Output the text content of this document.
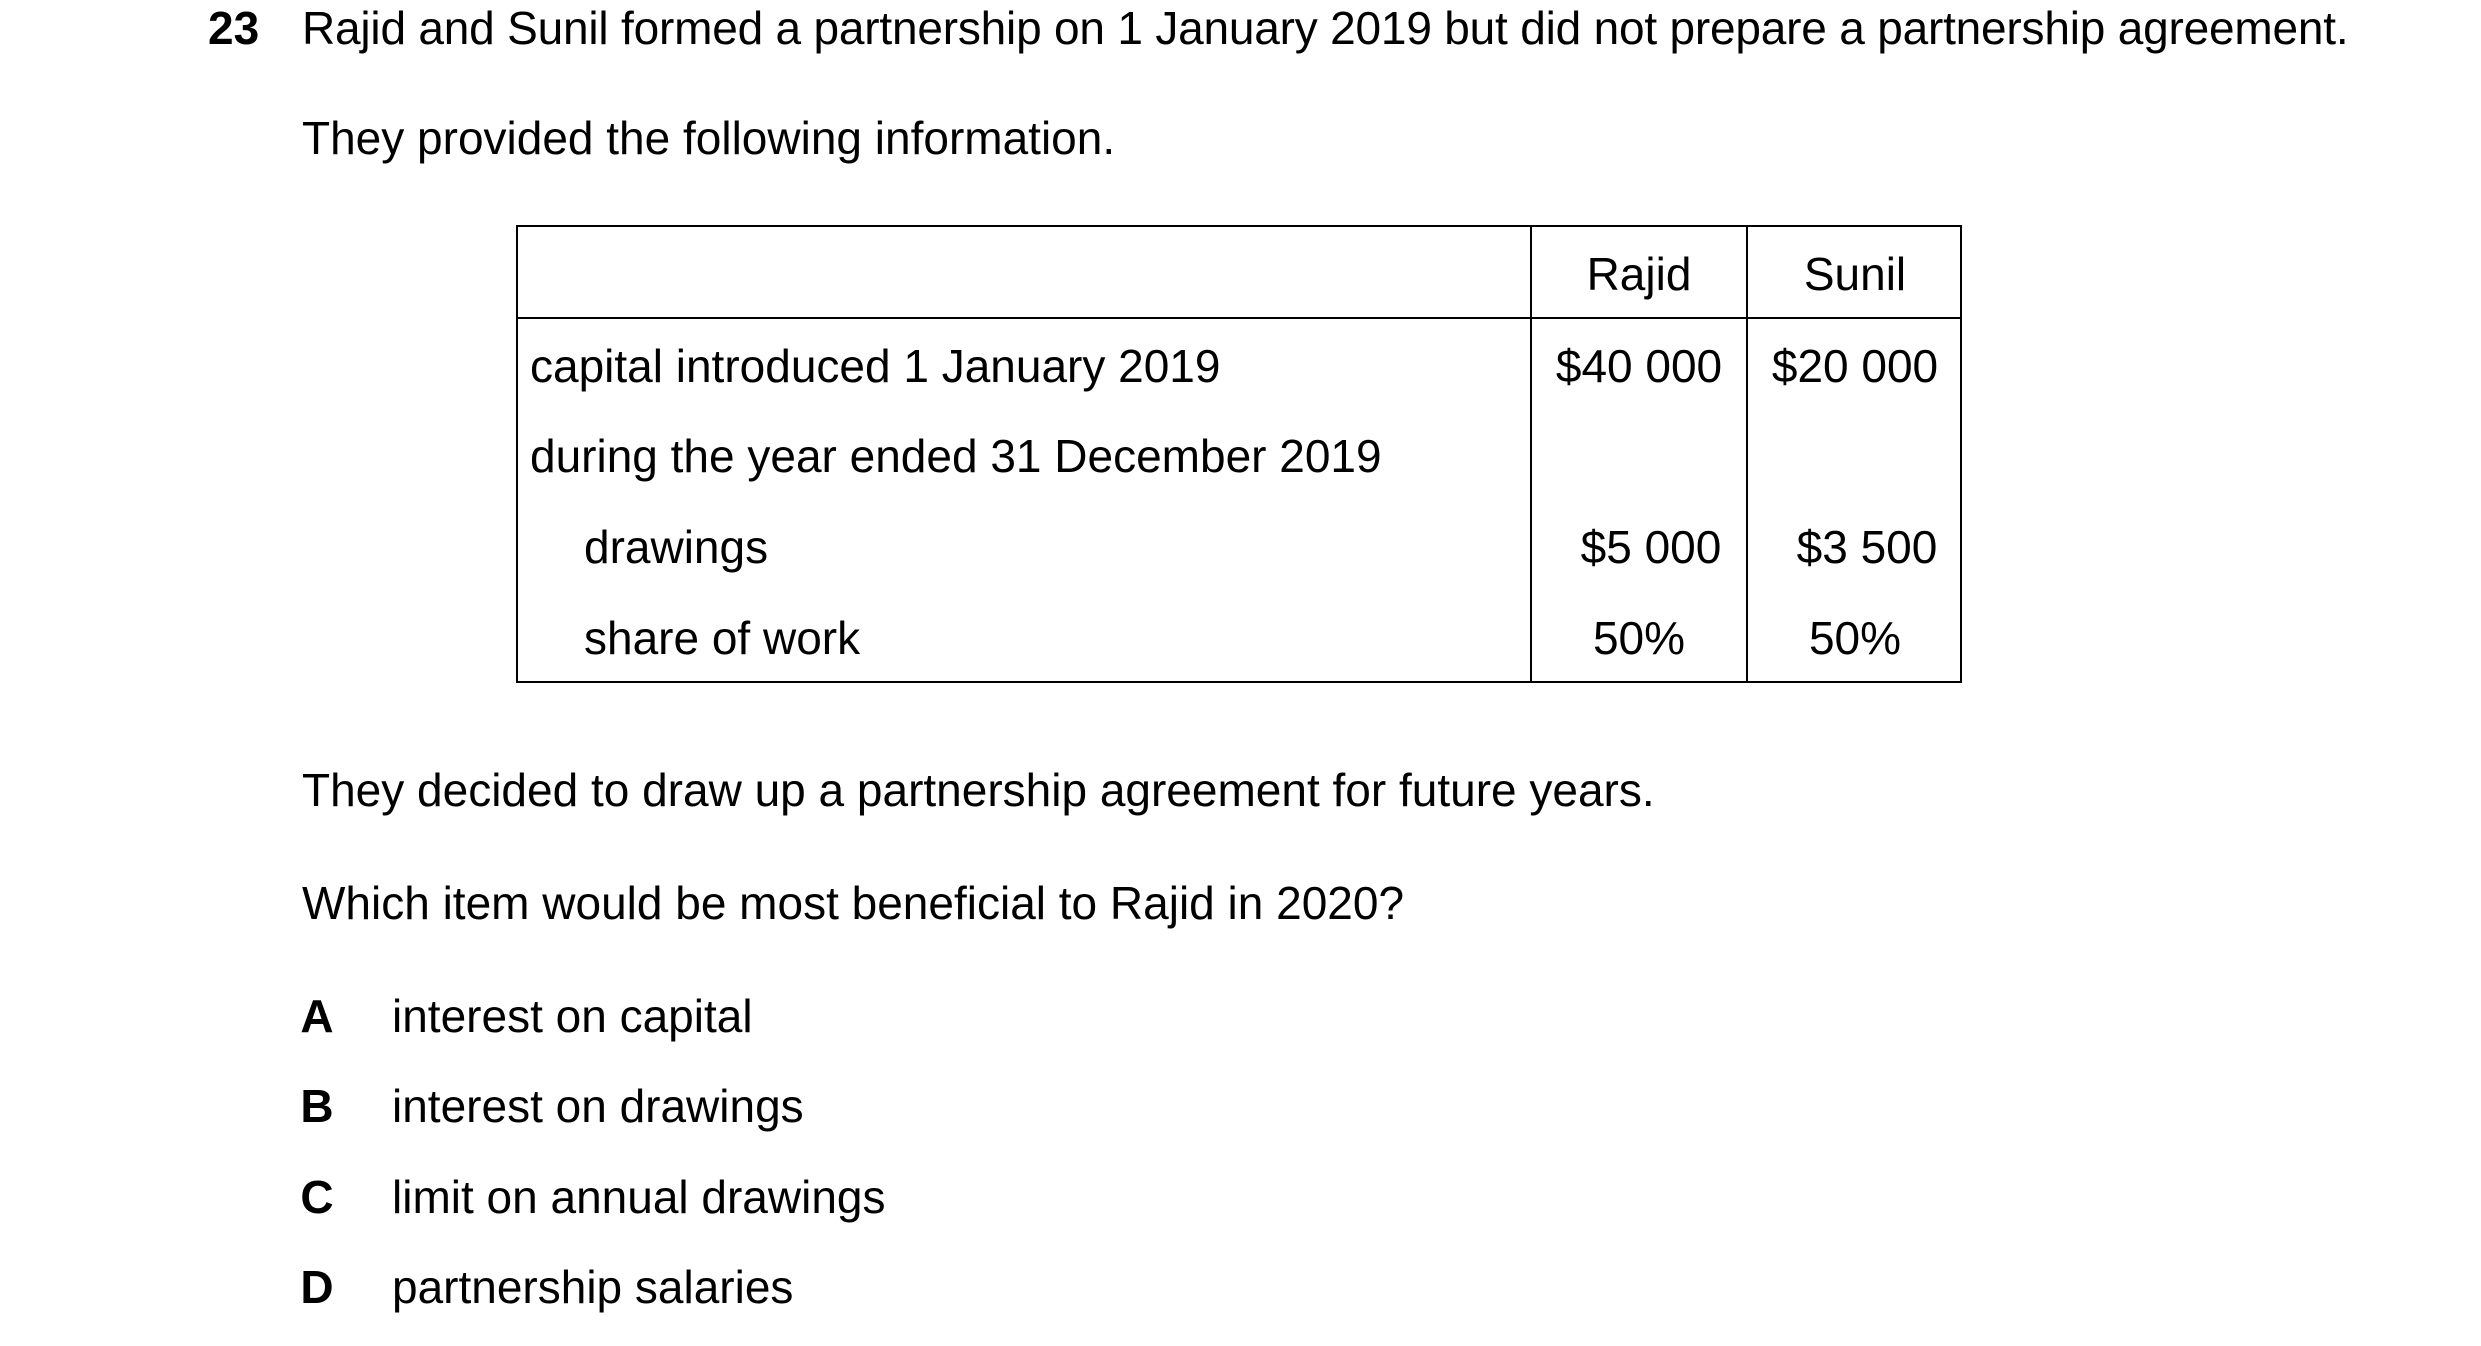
23 Rajid and Sunil formed a partnership on 1 January 2019 but did not prepare a partnership agreement.
They provided the following information.
Rajid	Sunil
capital introduced 1 January 2019	$40 000	$20 000
during the year ended 31 December 2019
drawings	$5 000	$3 500
share of work	50%	50%
They decided to draw up a partnership agreement for future years.
Which item would be most beneficial to Rajid in 2020?
A interest on capital
B interest on drawings
C limit on annual drawings
D partnership salaries
